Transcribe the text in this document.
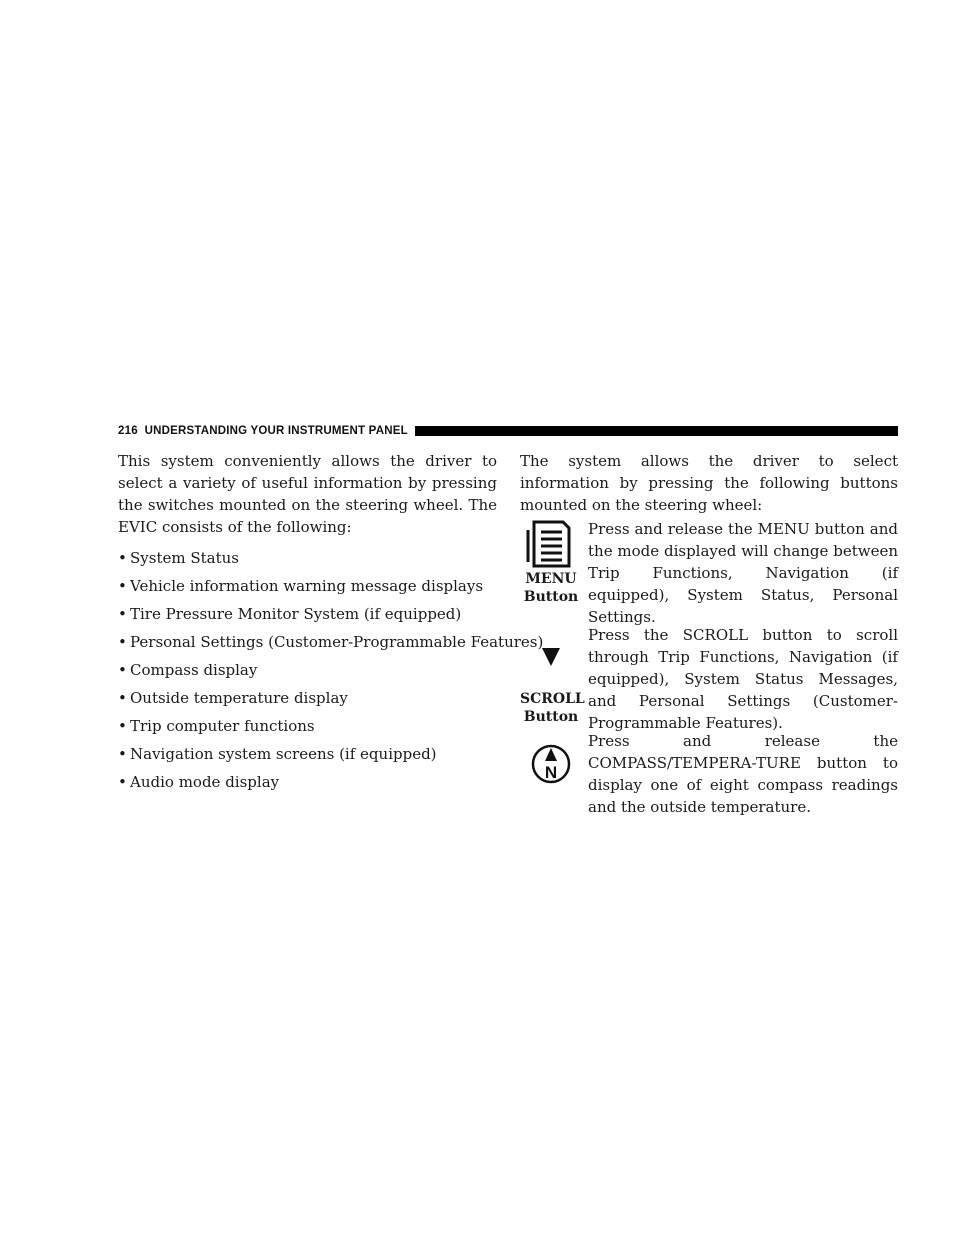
216 UNDERSTANDING YOUR INSTRUMENT PANEL

This system conveniently allows the driver to select a variety of useful information by pressing the switches mounted on the steering wheel. The EVIC consists of the following:

• System Status
• Vehicle information warning message displays
• Tire Pressure Monitor System (if equipped)
• Personal Settings (Customer-Programmable Features)
• Compass display
• Outside temperature display
• Trip computer functions
• Navigation system screens (if equipped)
• Audio mode display

The system allows the driver to select information by pressing the following buttons mounted on the steering wheel:

MENU
Button
Press and release the MENU button and the mode displayed will change between Trip Functions, Navigation (if equipped), System Status, Personal Settings.
SCROLL
Button
Press the SCROLL button to scroll through Trip Functions, Navigation (if equipped), System Status Messages, and Personal Settings (Customer-Programmable Features).
N
Press and release the COMPASS/TEMPERA-TURE button to display one of eight compass readings and the outside temperature.
